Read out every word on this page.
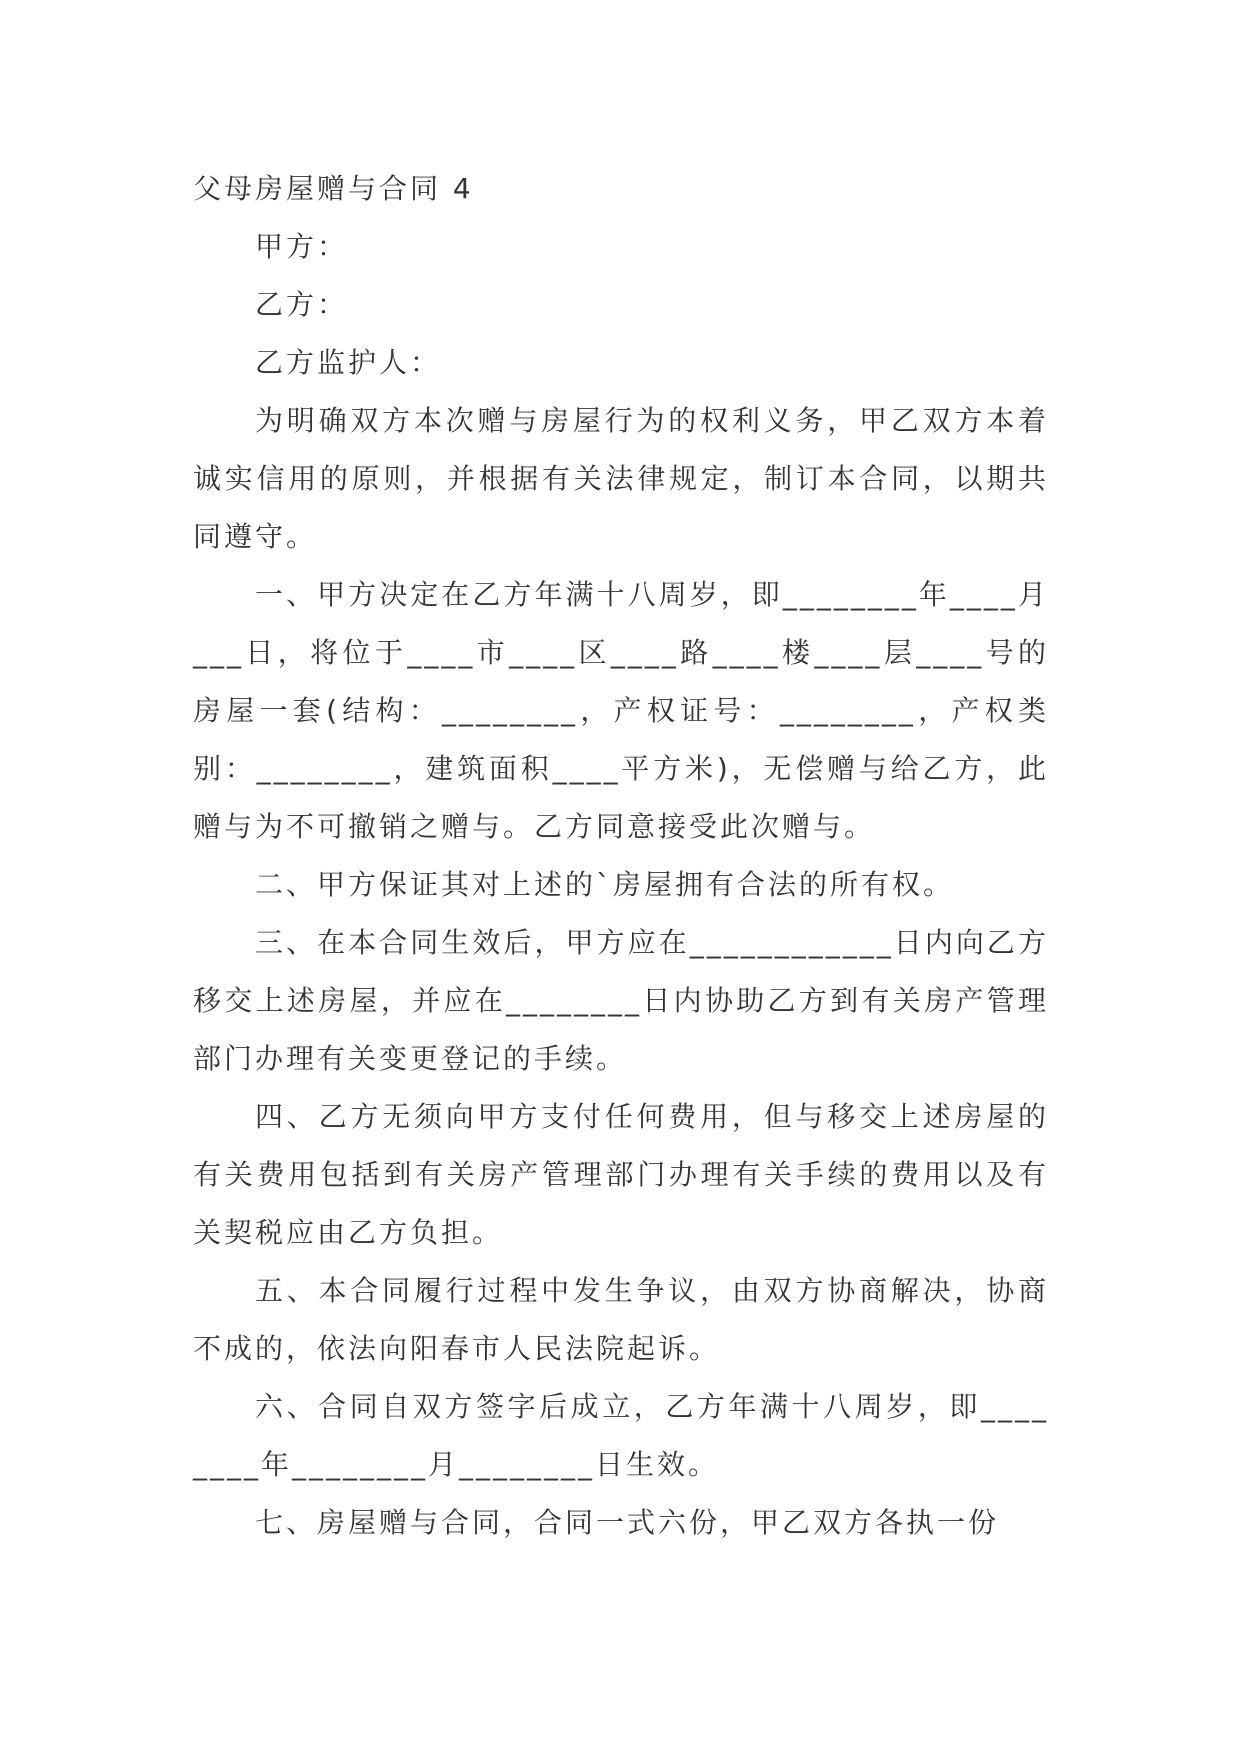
父母房屋赠与合同 4

甲方：

乙方：

乙方监护人：

为明确双方本次赠与房屋行为的权利义务，甲乙双方本着诚实信用的原则，并根据有关法律规定，制订本合同，以期共同遵守。

一、甲方决定在乙方年满十八周岁，即________年____月___日，将位于____市____区____路____楼____层____号的房屋一套(结构：________，产权证号：________，产权类别：________，建筑面积____平方米)，无偿赠与给乙方，此赠与为不可撤销之赠与。乙方同意接受此次赠与。

二、甲方保证其对上述的`房屋拥有合法的所有权。

三、在本合同生效后，甲方应在____________日内向乙方移交上述房屋，并应在________日内协助乙方到有关房产管理部门办理有关变更登记的手续。

四、乙方无须向甲方支付任何费用，但与移交上述房屋的有关费用包括到有关房产管理部门办理有关手续的费用以及有关契税应由乙方负担。

五、本合同履行过程中发生争议，由双方协商解决，协商不成的，依法向阳春市人民法院起诉。

六、合同自双方签字后成立，乙方年满十八周岁，即________年________月________日生效。

七、房屋赠与合同，合同一式六份，甲乙双方各执一份
